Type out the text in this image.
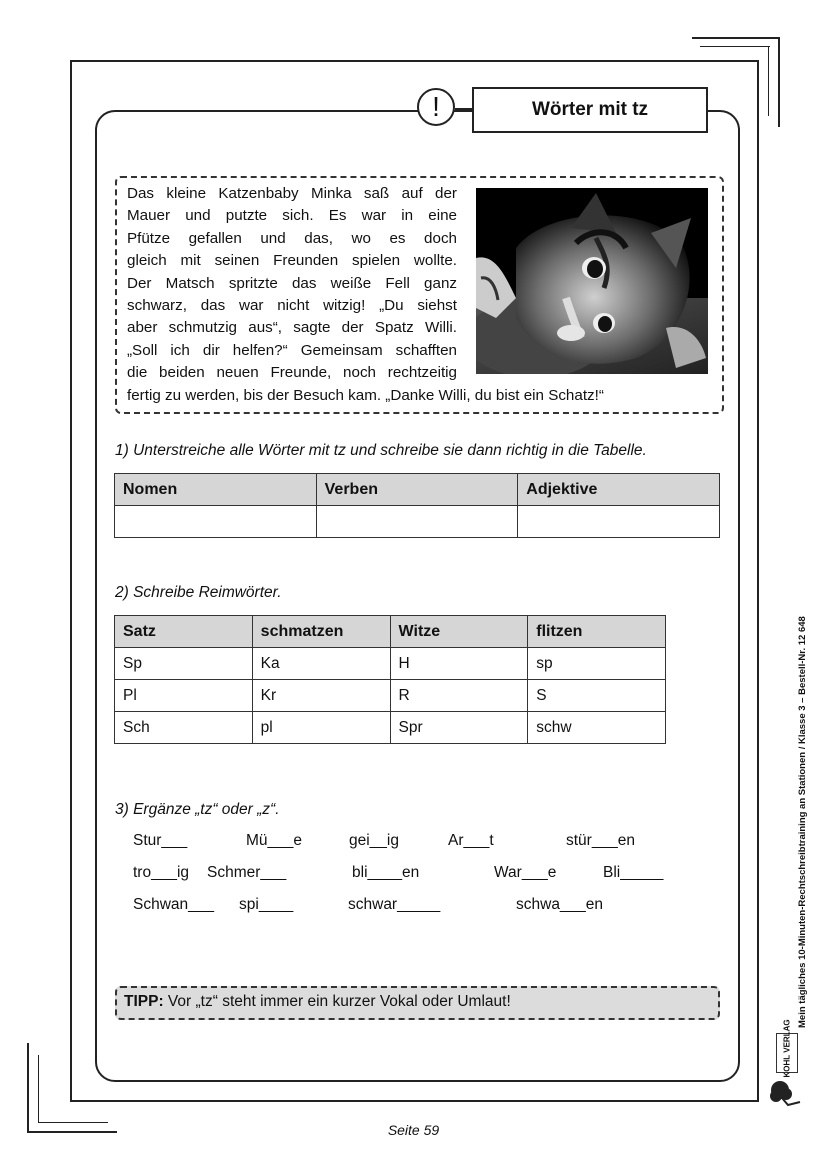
!	Wörter mit tz
Das kleine Katzenbaby Minka saß auf der
Mauer und putzte sich. Es war in eine
Pfütze gefallen und das, wo es doch
gleich mit seinen Freunden spielen wollte.
Der Matsch spritzte das weiße Fell ganz
schwarz, das war nicht witzig! „Du siehst
aber schmutzig aus“, sagte der Spatz Willi.
„Soll ich dir helfen?“ Gemeinsam schafften
die beiden neuen Freunde, noch rechtzeitig
fertig zu werden, bis der Besuch kam. „Danke Willi, du bist ein Schatz!“
1) Unterstreiche alle Wörter mit tz und schreibe sie dann richtig in die Tabelle.
Nomen	Verben	Adjektive

2) Schreibe Reimwörter.
Satz	schmatzen	Witze	flitzen
Sp	Ka	H	sp
Pl	Kr	R	S
Sch	pl	Spr	schw
3) Ergänze „tz“ oder „z“.
Stur___	Mü___e	gei__ig	Ar___t	stür___en
tro___ig Schmer___	bli____en	War___e	Bli_____
Schwan___ spi____	schwar_____	schwa___en
TIPP: Vor „tz“ steht immer ein kurzer Vokal oder Umlaut!	Mein tägliches 10-Minuten-Rechtschreibtraining an Stationen / Klasse 3 – Bestell-Nr. 12 648
KOHL VERLAG
Seite 59
